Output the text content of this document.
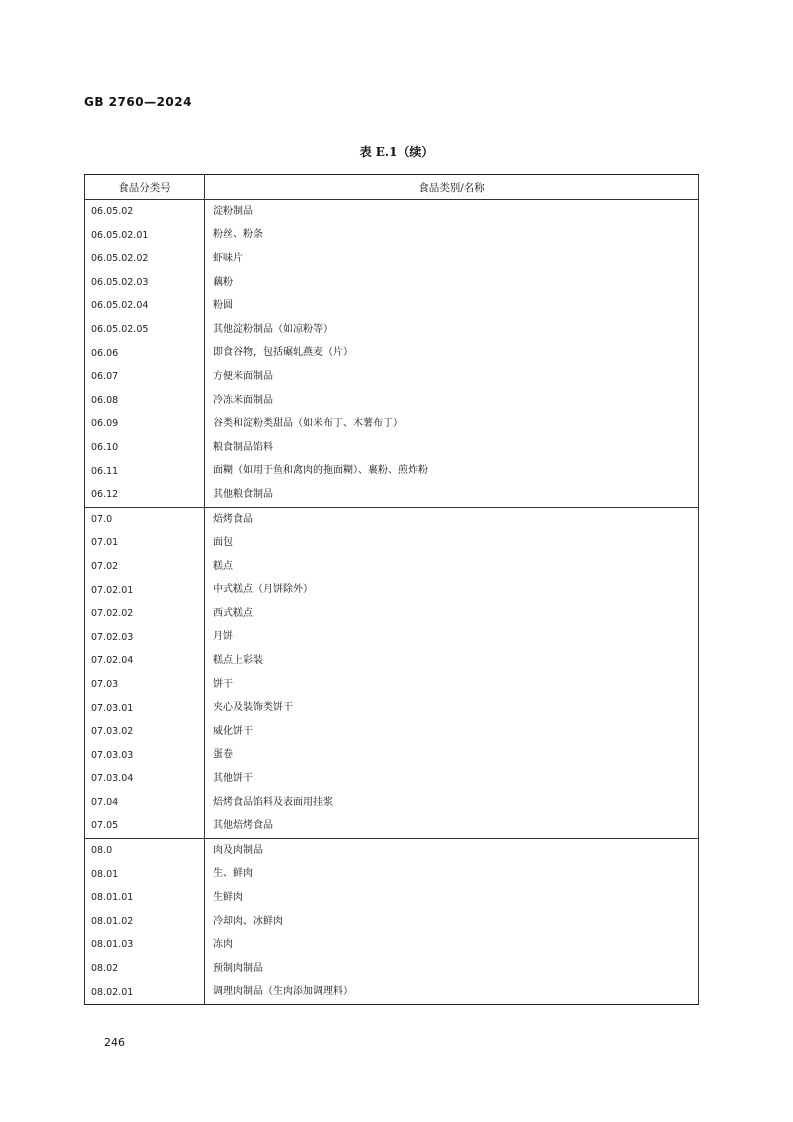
GB 2760—2024
表 E.1（续）
食品分类号	食品类别/名称
06.05.02	淀粉制品
06.05.02.01	粉丝、粉条
06.05.02.02	虾味片
06.05.02.03	藕粉
06.05.02.04	粉圆
06.05.02.05	其他淀粉制品（如凉粉等）
06.06	即食谷物，包括碾轧燕麦（片）
06.07	方便米面制品
06.08	冷冻米面制品
06.09	谷类和淀粉类甜品（如米布丁、木薯布丁）
06.10	粮食制品馅料
06.11	面糊（如用于鱼和禽肉的拖面糊）、裹粉、煎炸粉
06.12	其他粮食制品
07.0	焙烤食品
07.01	面包
07.02	糕点
07.02.01	中式糕点（月饼除外）
07.02.02	西式糕点
07.02.03	月饼
07.02.04	糕点上彩装
07.03	饼干
07.03.01	夹心及装饰类饼干
07.03.02	威化饼干
07.03.03	蛋卷
07.03.04	其他饼干
07.04	焙烤食品馅料及表面用挂浆
07.05	其他焙烤食品
08.0	肉及肉制品
08.01	生、鲜肉
08.01.01	生鲜肉
08.01.02	冷却肉、冰鲜肉
08.01.03	冻肉
08.02	预制肉制品
08.02.01	调理肉制品（生肉添加调理料）
246
